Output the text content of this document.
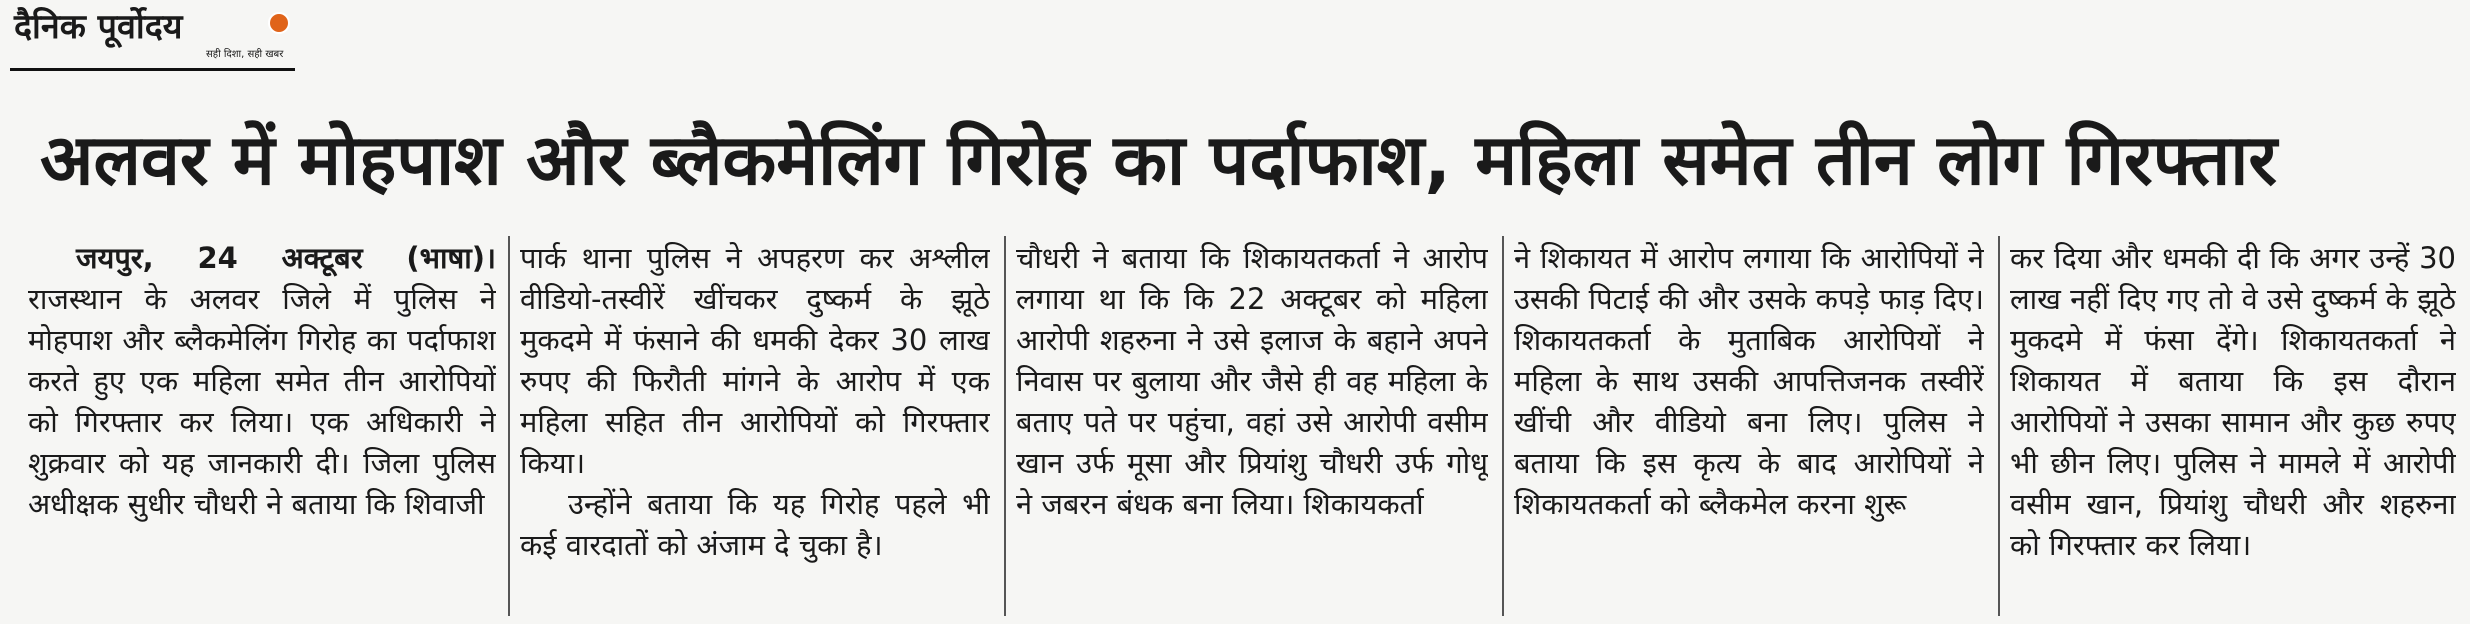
दैनिक पूर्वोदय
सही दिशा, सही खबर
अलवर में मोहपाश और ब्लैकमेलिंग गिरोह का पर्दाफाश, महिला समेत तीन लोग गिरफ्तार

जयपुर, 24 अक्टूबर (भाषा)। राजस्थान के अलवर जिले में पुलिस ने मोहपाश और ब्लैकमेलिंग गिरोह का पर्दाफाश करते हुए एक महिला समेत तीन आरोपियों को गिरफ्तार कर लिया। एक अधिकारी ने शुक्रवार को यह जानकारी दी। जिला पुलिस अधीक्षक सुधीर चौधरी ने बताया कि शिवाजी

पार्क थाना पुलिस ने अपहरण कर अश्लील वीडियो-तस्वीरें खींचकर दुष्कर्म के झूठे मुकदमे में फंसाने की धमकी देकर 30 लाख रुपए की फिरौती मांगने के आरोप में एक महिला सहित तीन आरोपियों को गिरफ्तार किया।

उन्होंने बताया कि यह गिरोह पहले भी कई वारदातों को अंजाम दे चुका है।

चौधरी ने बताया कि शिकायतकर्ता ने आरोप लगाया था कि कि 22 अक्टूबर को महिला आरोपी शहरुना ने उसे इलाज के बहाने अपने निवास पर बुलाया और जैसे ही वह महिला के बताए पते पर पहुंचा, वहां उसे आरोपी वसीम खान उर्फ मूसा और प्रियांशु चौधरी उर्फ गोधू ने जबरन बंधक बना लिया। शिकायकर्ता

ने शिकायत में आरोप लगाया कि आरोपियों ने उसकी पिटाई की और उसके कपड़े फाड़ दिए। शिकायतकर्ता के मुताबिक आरोपियों ने महिला के साथ उसकी आपत्तिजनक तस्वीरें खींची और वीडियो बना लिए। पुलिस ने बताया कि इस कृत्य के बाद आरोपियों ने शिकायतकर्ता को ब्लैकमेल करना शुरू

कर दिया और धमकी दी कि अगर उन्हें 30 लाख नहीं दिए गए तो वे उसे दुष्कर्म के झूठे मुकदमे में फंसा देंगे। शिकायतकर्ता ने शिकायत में बताया कि इस दौरान आरोपियों ने उसका सामान और कुछ रुपए भी छीन लिए। पुलिस ने मामले में आरोपी वसीम खान, प्रियांशु चौधरी और शहरुना को गिरफ्तार कर लिया।
